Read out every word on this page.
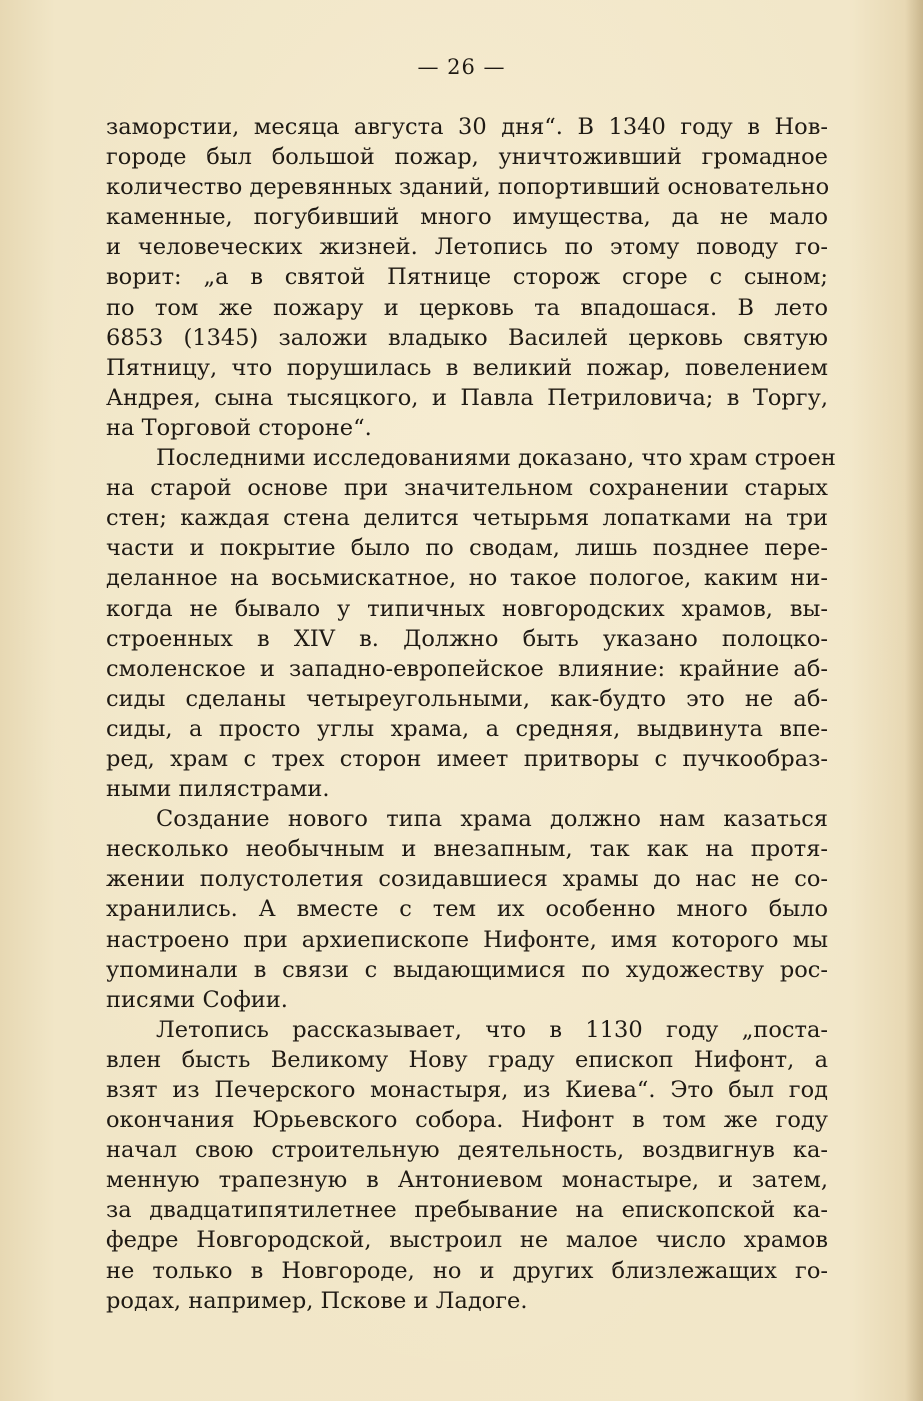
— 26 —
заморстии, месяца августа 30 дня“. В 1340 году в Нов-
городе был большой пожар, уничтоживший громадное
количество деревянных зданий, попортивший основательно
каменные, погубивший много имущества, да не мало
и человеческих жизней. Летопись по этому поводу го-
ворит: „а в святой Пятнице сторож сгоре с сыном;
по том же пожару и церковь та впадошася. В лето
6853 (1345) заложи владыко Василей церковь святую
Пятницу, что порушилась в великий пожар, повелением
Андрея, сына тысяцкого, и Павла Петриловича; в Торгу,
на Торговой стороне“.
Последними исследованиями доказано, что храм строен
на старой основе при значительном сохранении старых
стен; каждая стена делится четырьмя лопатками на три
части и покрытие было по сводам, лишь позднее пере-
деланное на восьмискатное, но такое пологое, каким ни-
когда не бывало у типичных новгородских храмов, вы-
строенных в XIV в. Должно быть указано полоцко-
смоленское и западно-европейское влияние: крайние аб-
сиды сделаны четыреугольными, как-будто это не аб-
сиды, а просто углы храма, а средняя, выдвинута впе-
ред, храм с трех сторон имеет притворы с пучкообраз-
ными пилястрами.
Создание нового типа храма должно нам казаться
несколько необычным и внезапным, так как на протя-
жении полустолетия созидавшиеся храмы до нас не со-
хранились. А вместе с тем их особенно много было
настроено при архиепископе Нифонте, имя которого мы
упоминали в связи с выдающимися по художеству рос-
писями Софии.
Летопись рассказывает, что в 1130 году „поста-
влен бысть Великому Нову граду епископ Нифонт, а
взят из Печерского монастыря, из Киева“. Это был год
окончания Юрьевского собора. Нифонт в том же году
начал свою строительную деятельность, воздвигнув ка-
менную трапезную в Антониевом монастыре, и затем,
за двадцатипятилетнее пребывание на епископской ка-
федре Новгородской, выстроил не малое число храмов
не только в Новгороде, но и других близлежащих го-
родах, например, Пскове и Ладоге.
